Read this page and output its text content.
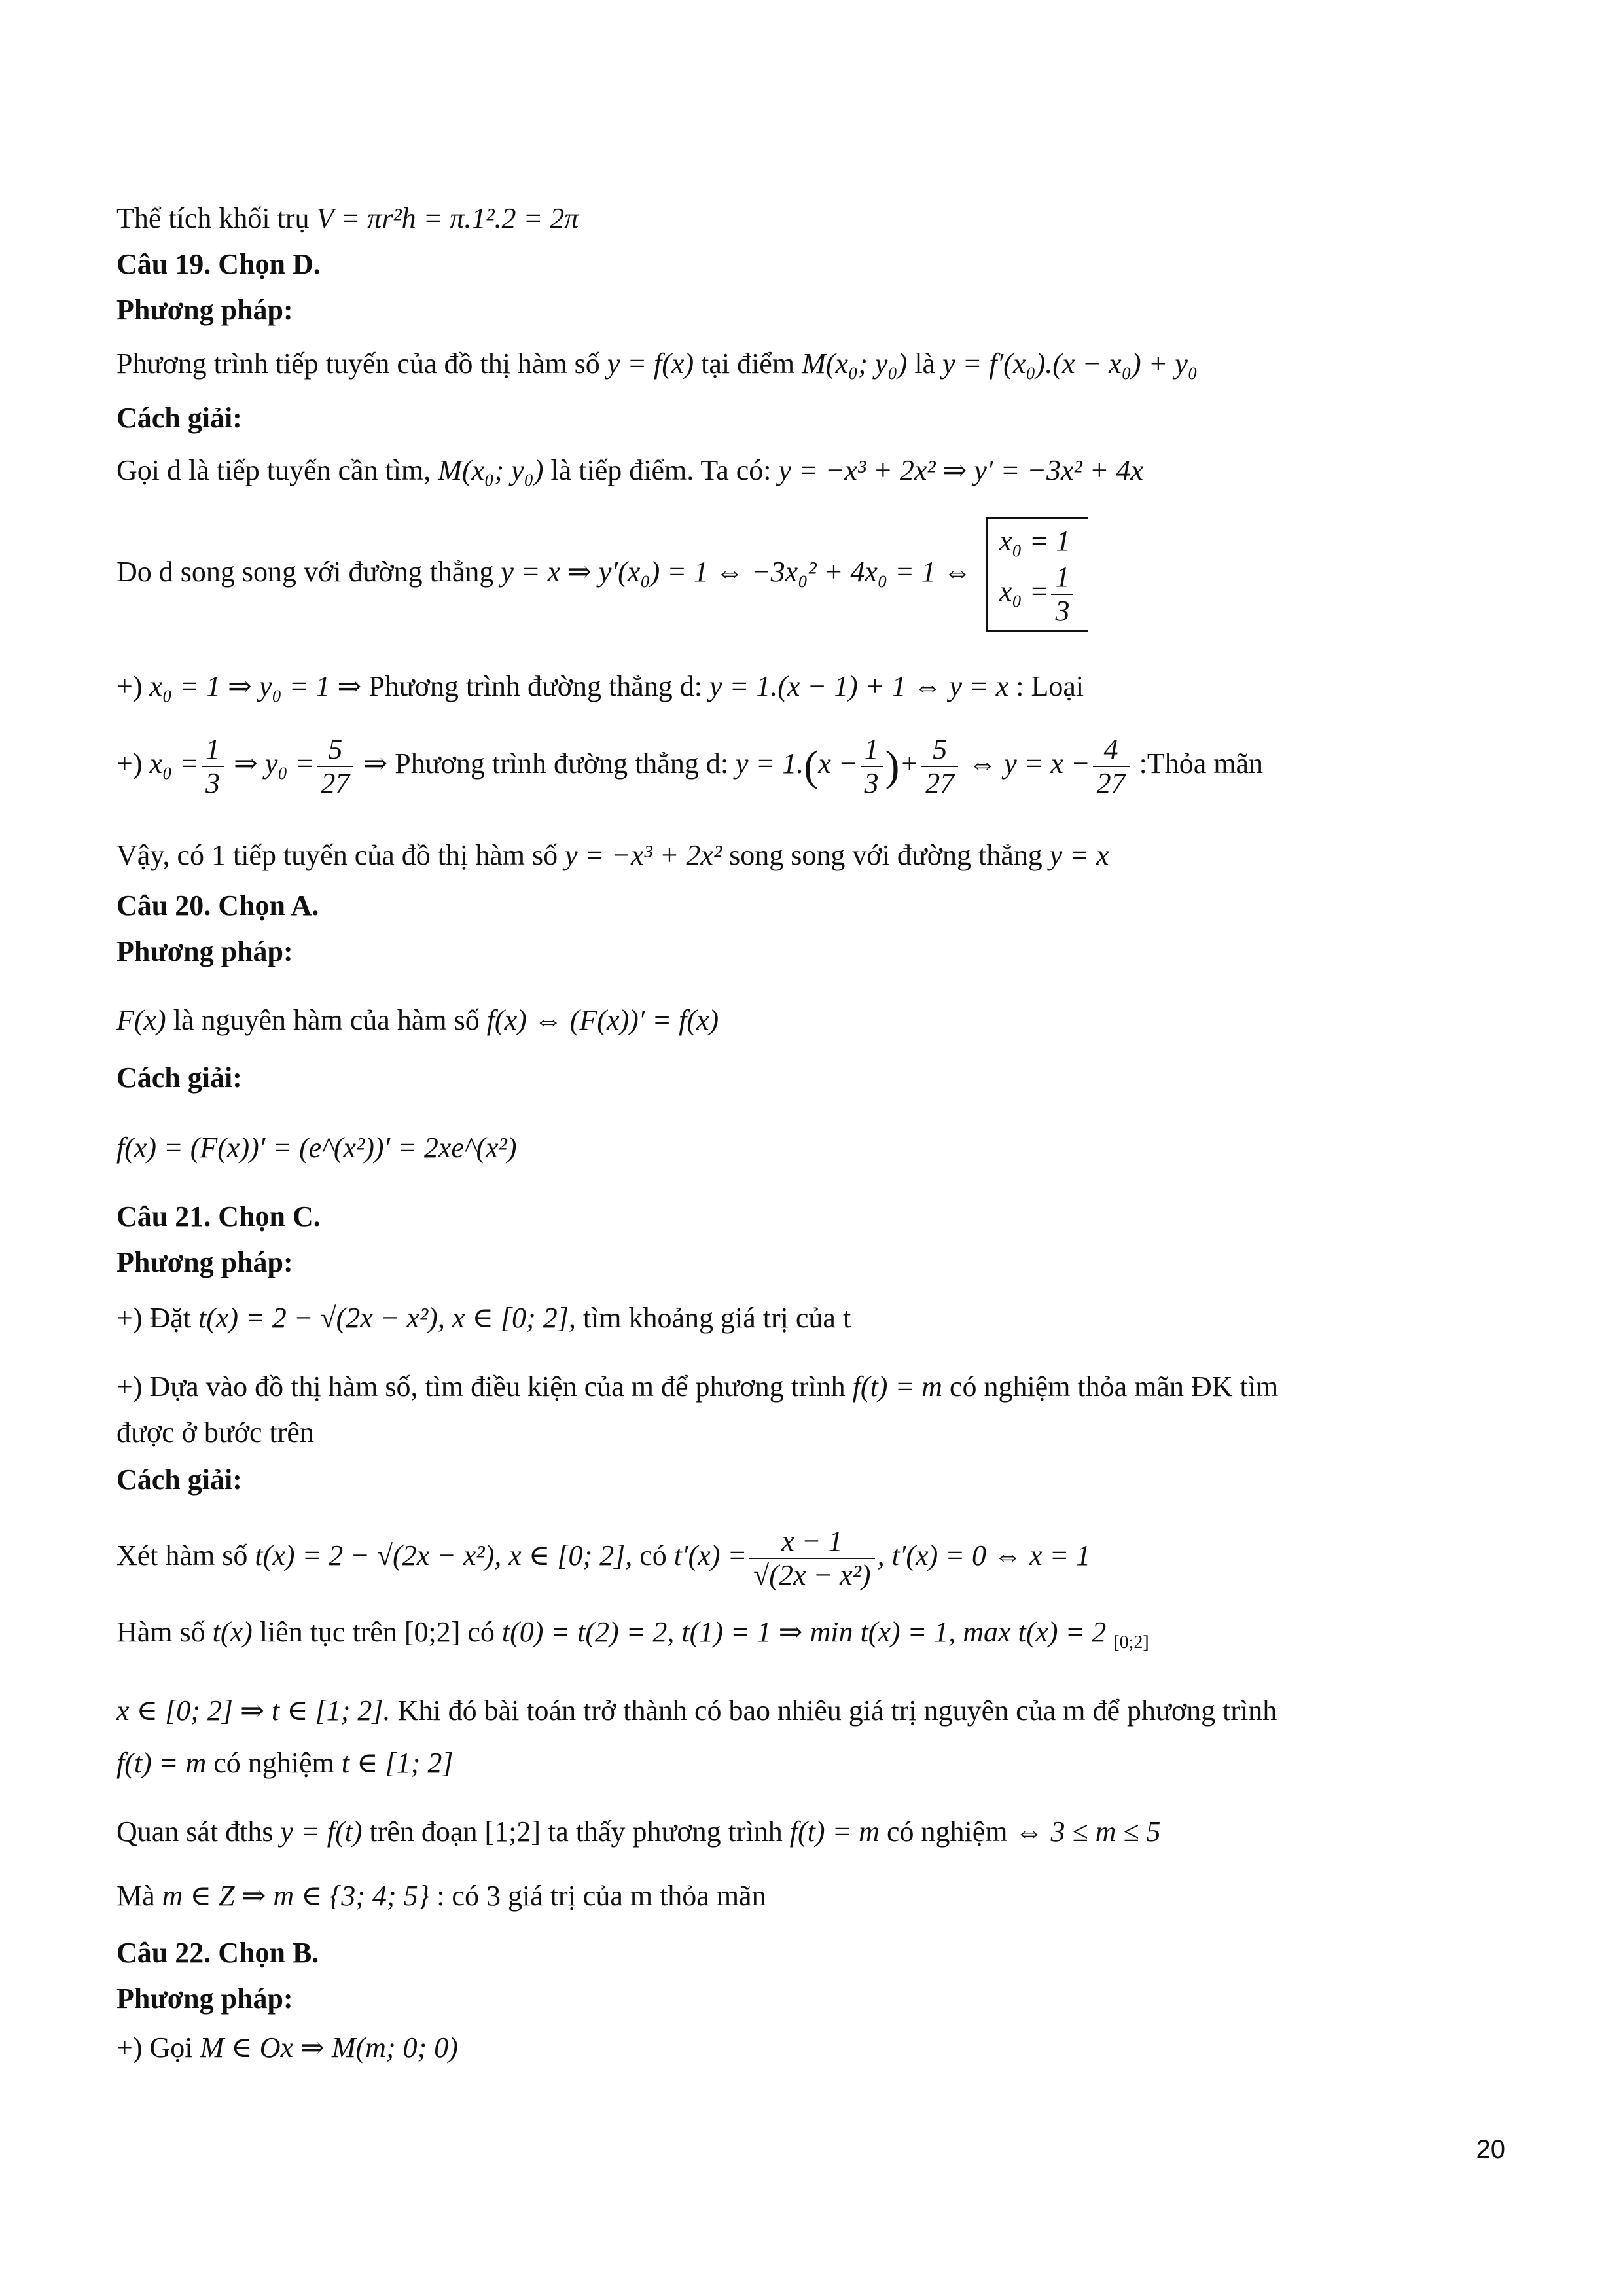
Thể tích khối trụ V = πr²h = π.1².2 = 2π
Câu 19. Chọn D.
Phương pháp:
Phương trình tiếp tuyến của đồ thị hàm số y = f(x) tại điểm M(x₀; y₀) là y = f′(x₀).(x − x₀) + y₀
Cách giải:
Gọi d là tiếp tuyến cần tìm, M(x₀; y₀) là tiếp điểm. Ta có: y = −x³ + 2x² ⇒ y′ = −3x² + 4x
Do d song song với đường thẳng y = x ⇒ y′(x₀) = 1 ⇔ −3x₀² + 4x₀ = 1 ⇔
x₀ = 1
$x_0 = \frac{1}{3}$
+) x₀ = 1 ⇒ y₀ = 1 ⇒ Phương trình đường thẳng d: y = 1.(x − 1) + 1 ⇔ y = x : Loại
+) $x_0 = \frac{1}{3}$ ⇒ $y_0 = \frac{5}{27}$ ⇒ Phương trình đường thẳng d: $y = 1.(x - \frac{1}{3}$ )+ $\frac{5}{27}$ ⇔ $y = x - \frac{4}{27}$ :Thỏa mãn
Vậy, có 1 tiếp tuyến của đồ thị hàm số y = −x³ + 2x² song song với đường thẳng y = x
Câu 20. Chọn A.
Phương pháp:
F(x) là nguyên hàm của hàm số f(x) ⇔ (F(x))′ = f(x)
Cách giải:
f(x) = (F(x))′ = (e^(x²))′ = 2xe^(x²)
Câu 21. Chọn C.
Phương pháp:
+) Đặt t(x) = 2 − √(2x − x²), x ∈ [0; 2], tìm khoảng giá trị của t
+) Dựa vào đồ thị hàm số, tìm điều kiện của m để phương trình f(t) = m có nghiệm thỏa mãn ĐK tìm
được ở bước trên
Cách giải:
Xét hàm số t(x) = 2 − √(2x − x²), x ∈ [0; 2], có $t'(x) = \frac{x - 1}{\text{√(2x − x²)}}$ , t′(x) = 0 ⇔ x = 1
Hàm số t(x) liên tục trên [0;2] có t(0) = t(2) = 2, t(1) = 1 ⇒ min t(x) = 1, max t(x) = 2 $_{[0;2]}$
x ∈ [0; 2] ⇒ t ∈ [1; 2]. Khi đó bài toán trở thành có bao nhiêu giá trị nguyên của m để phương trình
f(t) = m có nghiệm t ∈ [1; 2]
Quan sát đths y = f(t) trên đoạn [1;2] ta thấy phương trình f(t) = m có nghiệm ⇔ 3 ≤ m ≤ 5
Mà m ∈ Z ⇒ m ∈ {3; 4; 5} : có 3 giá trị của m thỏa mãn
Câu 22. Chọn B.
Phương pháp:
+) Gọi M ∈ Ox ⇒ M(m; 0; 0)
20
